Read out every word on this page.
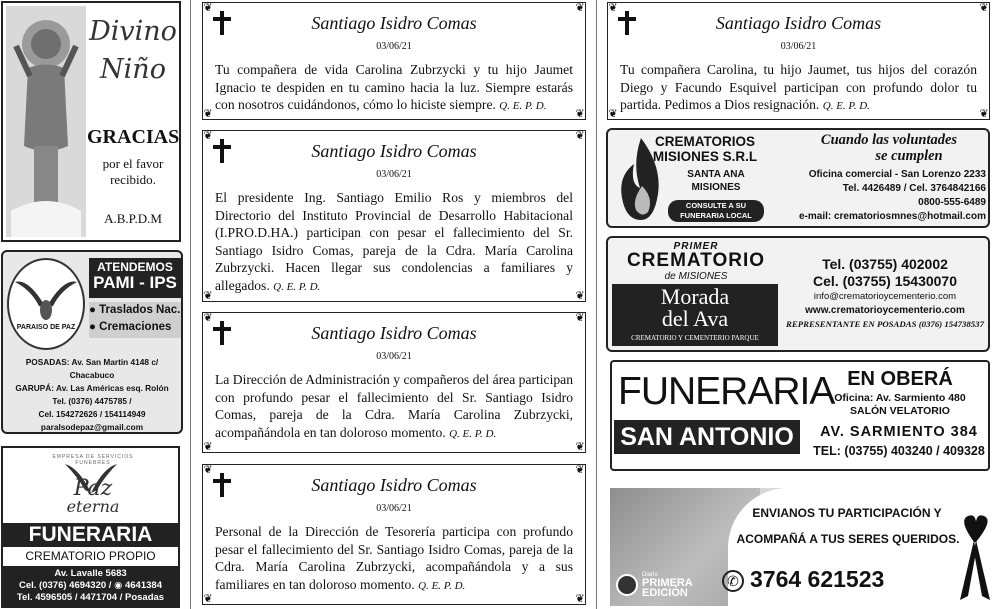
Divino
Niño
GRACIAS
por el favor
recibido.
A.B.P.D.M
PARAISO DE PAZ
ATENDEMOS
PAMI - IPS
● Traslados Nac.
● Cremaciones
POSADAS: Av. San Martin 4148 c/ Chacabuco
GARUPÁ: Av. Las Américas esq. Rolón
Tel. (0376) 4475785 /
Cel. 154272626 / 154114949
paralsodepaz@gmail.com
EMPRESA DE SERVICIOS FUNEBRES
Paz
eterna
FUNERARIA
CREMATORIO PROPIO
Av. Lavalle 5683
Cel. (0376) 4694320 / ◉ 4641384
Tel. 4596505 / 4471704 / Posadas
❦	❦
❦	❦
Santiago Isidro Comas
03/06/21
Tu compañera de vida Carolina Zubrzycki y tu hijo Jaumet Ignacio te despiden en tu camino hacia la luz. Siempre estarás con nosotros cuidándonos, cómo lo hiciste siempre. Q. E. P. D.
❦	❦
❦	❦
Santiago Isidro Comas
03/06/21
El presidente Ing. Santiago Emilio Ros y miembros del Directorio del Instituto Provincial de Desarrollo Habitacional (I.PRO.D.HA.) participan con pesar el fallecimiento del Sr. Santiago Isidro Comas, pareja de la Cdra. María Carolina Zubrzycki. Hacen llegar sus condolencias a familiares y allegados. Q. E. P. D.
❦	❦
❦	❦
Santiago Isidro Comas
03/06/21
La Dirección de Administración y compañeros del área participan con profundo pesar el fallecimiento del Sr. Santiago Isidro Comas, pareja de la Cdra. María Carolina Zubrzycki, acompañándola en tan doloroso momento. Q. E. P. D.
❦	❦
❦	❦
Santiago Isidro Comas
03/06/21
Personal de la Dirección de Tesorería participa con profundo pesar el fallecimiento del Sr. Santiago Isidro Comas, pareja de la Cdra. María Carolina Zubrzycki, acompañándola y a sus familiares en tan doloroso momento. Q. E. P. D.
❦	❦
❦	❦
Santiago Isidro Comas
03/06/21
Tu compañera Carolina, tu hijo Jaumet, tus hijos del corazón Diego y Facundo Esquivel participan con profundo dolor tu partida. Pedimos a Dios resignación. Q. E. P. D.
CREMATORIOS
MISIONES S.R.L
SANTA ANA
MISIONES
CONSULTE A SU
FUNERARIA LOCAL
Cuando las voluntades
se cumplen
Oficina comercial - San Lorenzo 2233
Tel. 4426489 / Cel. 3764842166
0800-555-6489
e-mail: crematoriosmnes@hotmail.com
PRIMER
CREMATORIO
de MISIONES
Morada
del Ava
CREMATORIO Y CEMENTERIO PARQUE
Tel. (03755) 402002
Cel. (03755) 15430070
info@crematorioycementerio.com
www.crematorioycementerio.com
REPRESENTANTE EN POSADAS (0376) 154738537
FUNERARIA
SAN ANTONIO
EN OBERÁ
Oficina: Av. Sarmiento 480
SALÓN VELATORIO
AV. SARMIENTO 384
TEL: (03755) 403240 / 409328
ENVIANOS TU PARTICIPACIÓN Y
ACOMPAÑÁ A TUS SERES QUERIDOS.
✆ 3764 621523
Diario
PRIMERA
EDICIÓN
